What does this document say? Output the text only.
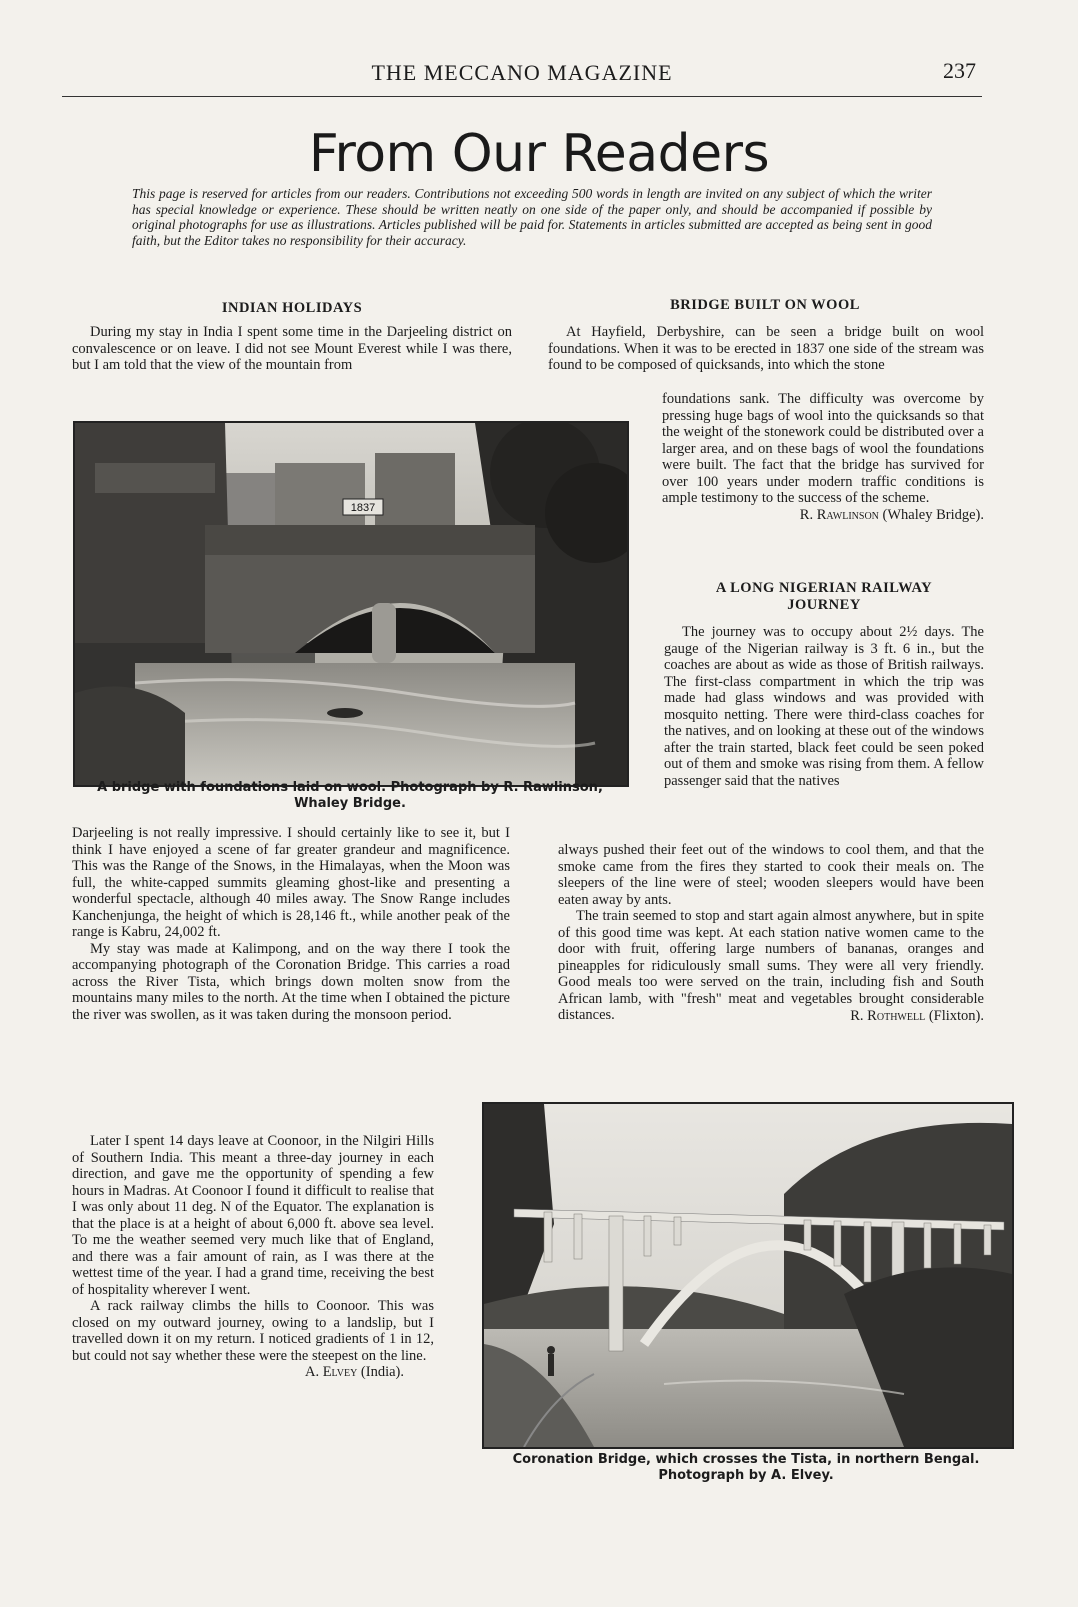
THE MECCANO MAGAZINE	237
From Our Readers
This page is reserved for articles from our readers. Contributions not exceeding 500 words in length are invited on any subject of which the writer has special knowledge or experience. These should be written neatly on one side of the paper only, and should be accompanied if possible by original photographs for use as illustrations. Articles published will be paid for. Statements in articles submitted are accepted as being sent in good faith, but the Editor takes no responsibility for their accuracy.
INDIAN HOLIDAYS

During my stay in India I spent some time in the Darjeeling district on convalescence or on leave. I did not see Mount Everest while I was there, but I am told that the view of the mountain from

1837
A bridge with foundations laid on wool. Photograph by R. Rawlinson, Whaley Bridge.

Darjeeling is not really impressive. I should certainly like to see it, but I think I have enjoyed a scene of far greater grandeur and magnificence. This was the Range of the Snows, in the Himalayas, when the Moon was full, the white-capped summits gleaming ghost-like and presenting a wonderful spectacle, although 40 miles away. The Snow Range includes Kanchenjunga, the height of which is 28,146 ft., while another peak of the range is Kabru, 24,002 ft.

My stay was made at Kalimpong, and on the way there I took the accompanying photograph of the Coronation Bridge. This carries a road across the River Tista, which brings down molten snow from the mountains many miles to the north. At the time when I obtained the picture the river was swollen, as it was taken during the monsoon period.

Later I spent 14 days leave at Coonoor, in the Nilgiri Hills of Southern India. This meant a three-day journey in each direction, and gave me the opportunity of spending a few hours in Madras. At Coonoor I found it difficult to realise that I was only about 11 deg. N of the Equator. The explanation is that the place is at a height of about 6,000 ft. above sea level. To me the weather seemed very much like that of England, and there was a fair amount of rain, as I was there at the wettest time of the year. I had a grand time, receiving the best of hospitality wherever I went.

A rack railway climbs the hills to Coonoor. This was closed on my outward journey, owing to a landslip, but I travelled down it on my return. I noticed gradients of 1 in 12, but could not say whether these were the steepest on the line.

A. Elvey (India).
BRIDGE BUILT ON WOOL

At Hayfield, Derbyshire, can be seen a bridge built on wool foundations. When it was to be erected in 1837 one side of the stream was found to be composed of quicksands, into which the stone

foundations sank. The difficulty was overcome by pressing huge bags of wool into the quicksands so that the weight of the stonework could be distributed over a larger area, and on these bags of wool the foundations were built. The fact that the bridge has survived for over 100 years under modern traffic conditions is ample testimony to the success of the scheme.

R. Rawlinson (Whaley Bridge).
A LONG NIGERIAN RAILWAY JOURNEY

The journey was to occupy about 2½ days. The gauge of the Nigerian railway is 3 ft. 6 in., but the coaches are about as wide as those of British railways. The first-class compartment in which the trip was made had glass windows and was provided with mosquito netting. There were third-class coaches for the natives, and on looking at these out of the windows after the train started, black feet could be seen poked out of them and smoke was rising from them. A fellow passenger said that the natives

always pushed their feet out of the windows to cool them, and that the smoke came from the fires they started to cook their meals on. The sleepers of the line were of steel; wooden sleepers would have been eaten away by ants.

The train seemed to stop and start again almost anywhere, but in spite of this good time was kept. At each station native women came to the door with fruit, offering large numbers of bananas, oranges and pineapples for ridiculously small sums. They were all very friendly. Good meals too were served on the train, including fish and South African lamb, with "fresh" meat and vegetables brought considerable distances.	R. Rothwell (Flixton).
Coronation Bridge, which crosses the Tista, in northern Bengal. Photograph by A. Elvey.
